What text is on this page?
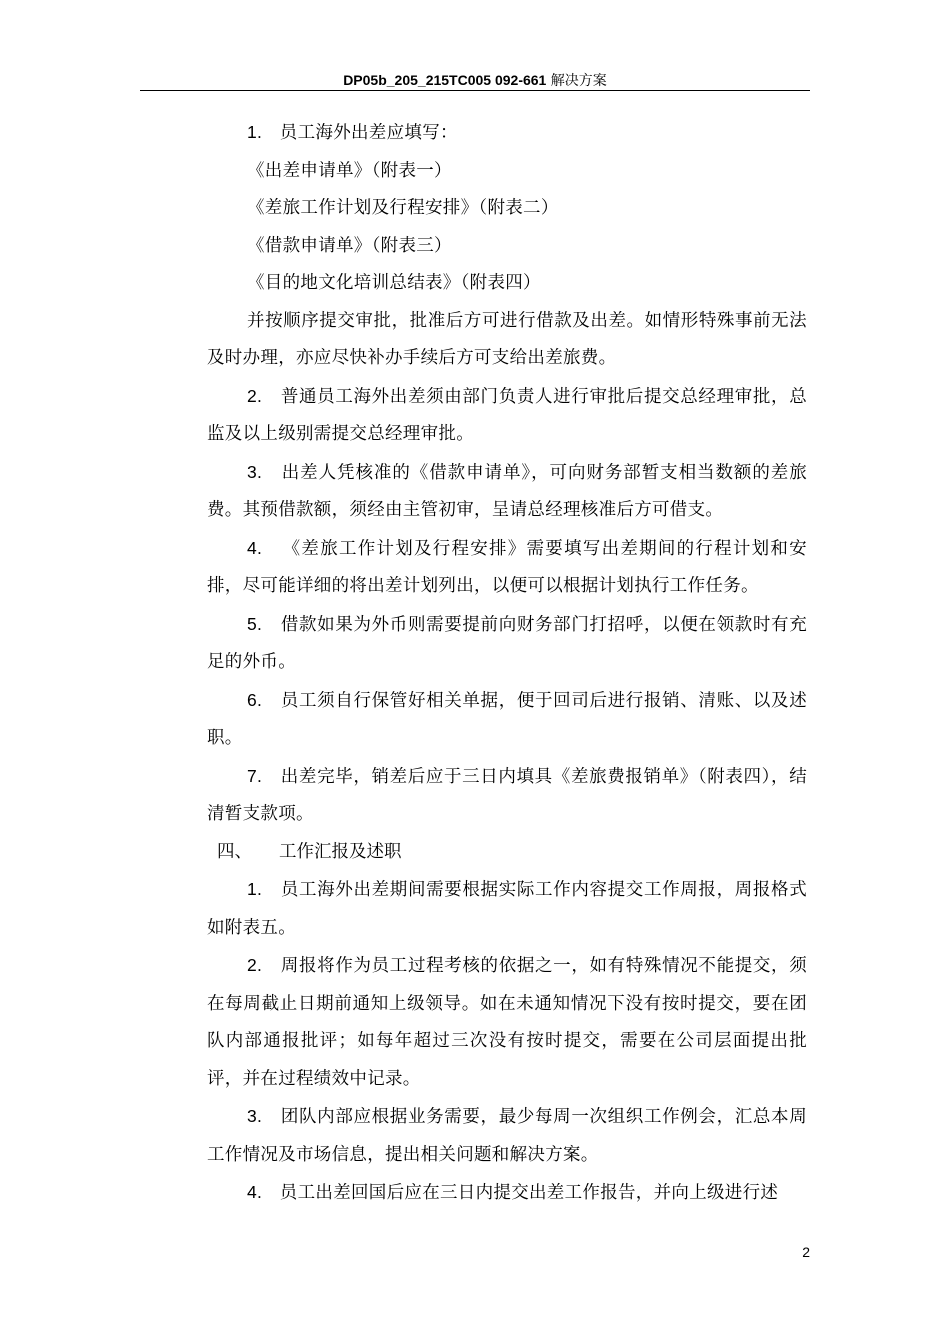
DP05b_205_215TC005 092-661 解决方案

1. 员工海外出差应填写：

《出差申请单》（附表一）

《差旅工作计划及行程安排》（附表二）

《借款申请单》（附表三）

《目的地文化培训总结表》（附表四）

并按顺序提交审批，批准后方可进行借款及出差。如情形特殊事前无法及时办理，亦应尽快补办手续后方可支给出差旅费。

2. 普通员工海外出差须由部门负责人进行审批后提交总经理审批，总监及以上级别需提交总经理审批。

3. 出差人凭核准的《借款申请单》，可向财务部暂支相当数额的差旅费。其预借款额，须经由主管初审，呈请总经理核准后方可借支。

4. 《差旅工作计划及行程安排》需要填写出差期间的行程计划和安排，尽可能详细的将出差计划列出，以便可以根据计划执行工作任务。

5. 借款如果为外币则需要提前向财务部门打招呼，以便在领款时有充足的外币。

6. 员工须自行保管好相关单据，便于回司后进行报销、清账、以及述职。

7. 出差完毕，销差后应于三日内填具《差旅费报销单》（附表四），结清暂支款项。

四、 工作汇报及述职

1. 员工海外出差期间需要根据实际工作内容提交工作周报，周报格式如附表五。

2. 周报将作为员工过程考核的依据之一，如有特殊情况不能提交，须在每周截止日期前通知上级领导。如在未通知情况下没有按时提交，要在团队内部通报批评；如每年超过三次没有按时提交，需要在公司层面提出批评，并在过程绩效中记录。

3. 团队内部应根据业务需要，最少每周一次组织工作例会，汇总本周工作情况及市场信息，提出相关问题和解决方案。

4. 员工出差回国后应在三日内提交出差工作报告，并向上级进行述

2
